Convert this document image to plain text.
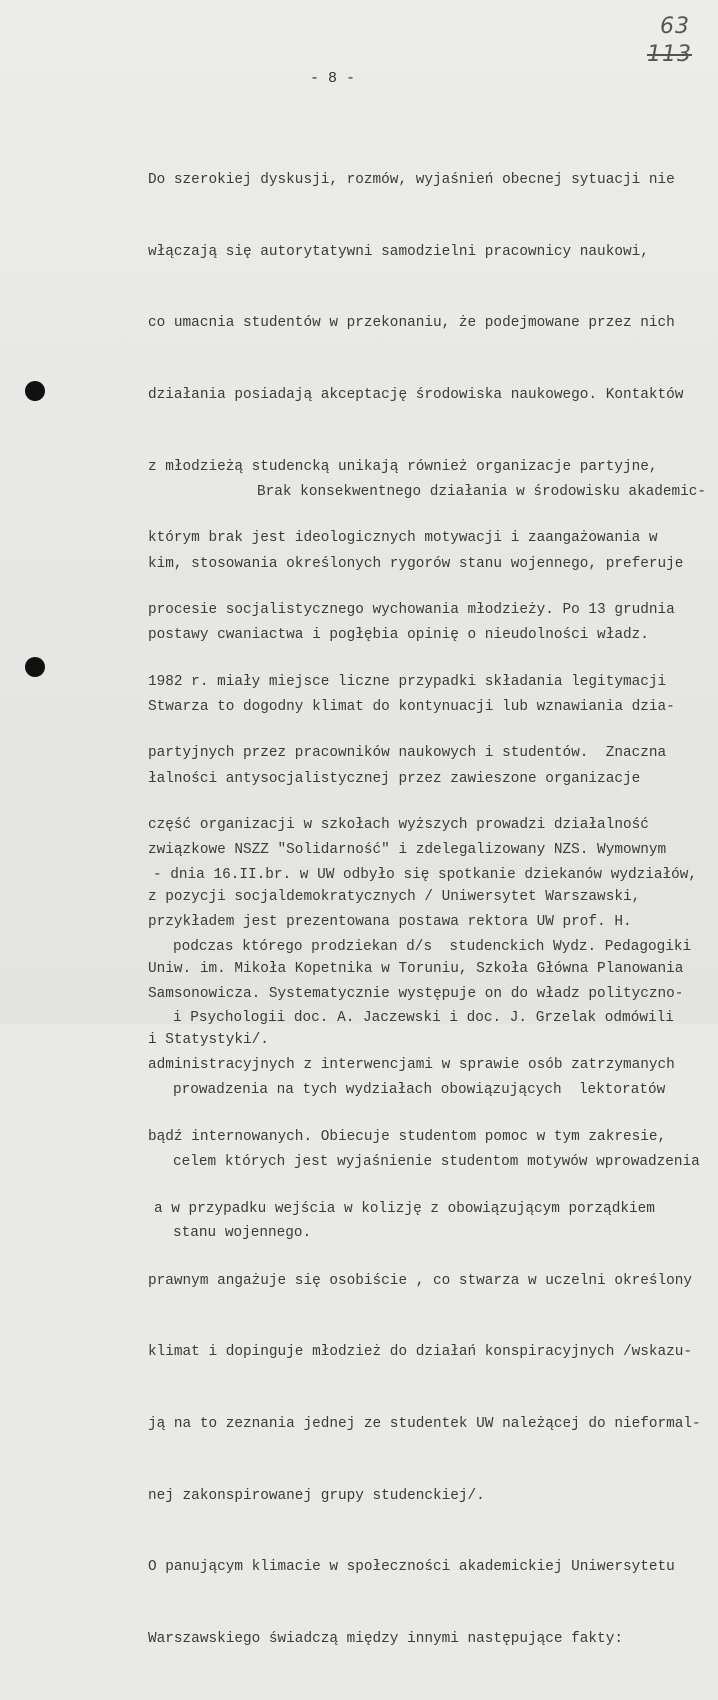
63
113
- 8 -

Do szerokiej dyskusji, rozmów, wyjaśnień obecnej sytuacji nie

włączają się autorytatywni samodzielni pracownicy naukowi,

co umacnia studentów w przekonaniu, że podejmowane przez nich

działania posiadają akceptację środowiska naukowego. Kontaktów

z młodzieżą studencką unikają również organizacje partyjne,

którym brak jest ideologicznych motywacji i zaangażowania w

procesie socjalistycznego wychowania młodzieży. Po 13 grudnia

1982 r. miały miejsce liczne przypadki składania legitymacji

partyjnych przez pracowników naukowych i studentów.  Znaczna

część organizacji w szkołach wyższych prowadzi działalność

z pozycji socjaldemokratycznych / Uniwersytet Warszawski,

Uniw. im. Mikoła Kopetnika w Toruniu, Szkoła Główna Planowania

i Statystyki/.

Brak konsekwentnego działania w środowisku akademic-

kim, stosowania określonych rygorów stanu wojennego, preferuje

postawy cwaniactwa i pogłębia opinię o nieudolności władz.

Stwarza to dogodny klimat do kontynuacji lub wznawiania dzia-

łalności antysocjalistycznej przez zawieszone organizacje

związkowe NSZZ "Solidarność" i zdelegalizowany NZS. Wymownym

przykładem jest prezentowana postawa rektora UW prof. H.

Samsonowicza. Systematycznie występuje on do władz polityczno-

administracyjnych z interwencjami w sprawie osób zatrzymanych

bądź internowanych. Obiecuje studentom pomoc w tym zakresie,

a w przypadku wejścia w kolizję z obowiązującym porządkiem

prawnym angażuje się osobiście , co stwarza w uczelni określony

klimat i dopinguje młodzież do działań konspiracyjnych /wskazu-

ją na to zeznania jednej ze studentek UW należącej do nieformal-

nej zakonspirowanej grupy studenckiej/.

O panującym klimacie w społeczności akademickiej Uniwersytetu

Warszawskiego świadczą między innymi następujące fakty:

- dnia 16.II.br. w UW odbyło się spotkanie dziekanów wydziałów,

podczas którego prodziekan d/s  studenckich Wydz. Pedagogiki

i Psychologii doc. A. Jaczewski i doc. J. Grzelak odmówili

prowadzenia na tych wydziałach obowiązujących  lektoratów

celem których jest wyjaśnienie studentom motywów wprowadzenia

stanu wojennego.
